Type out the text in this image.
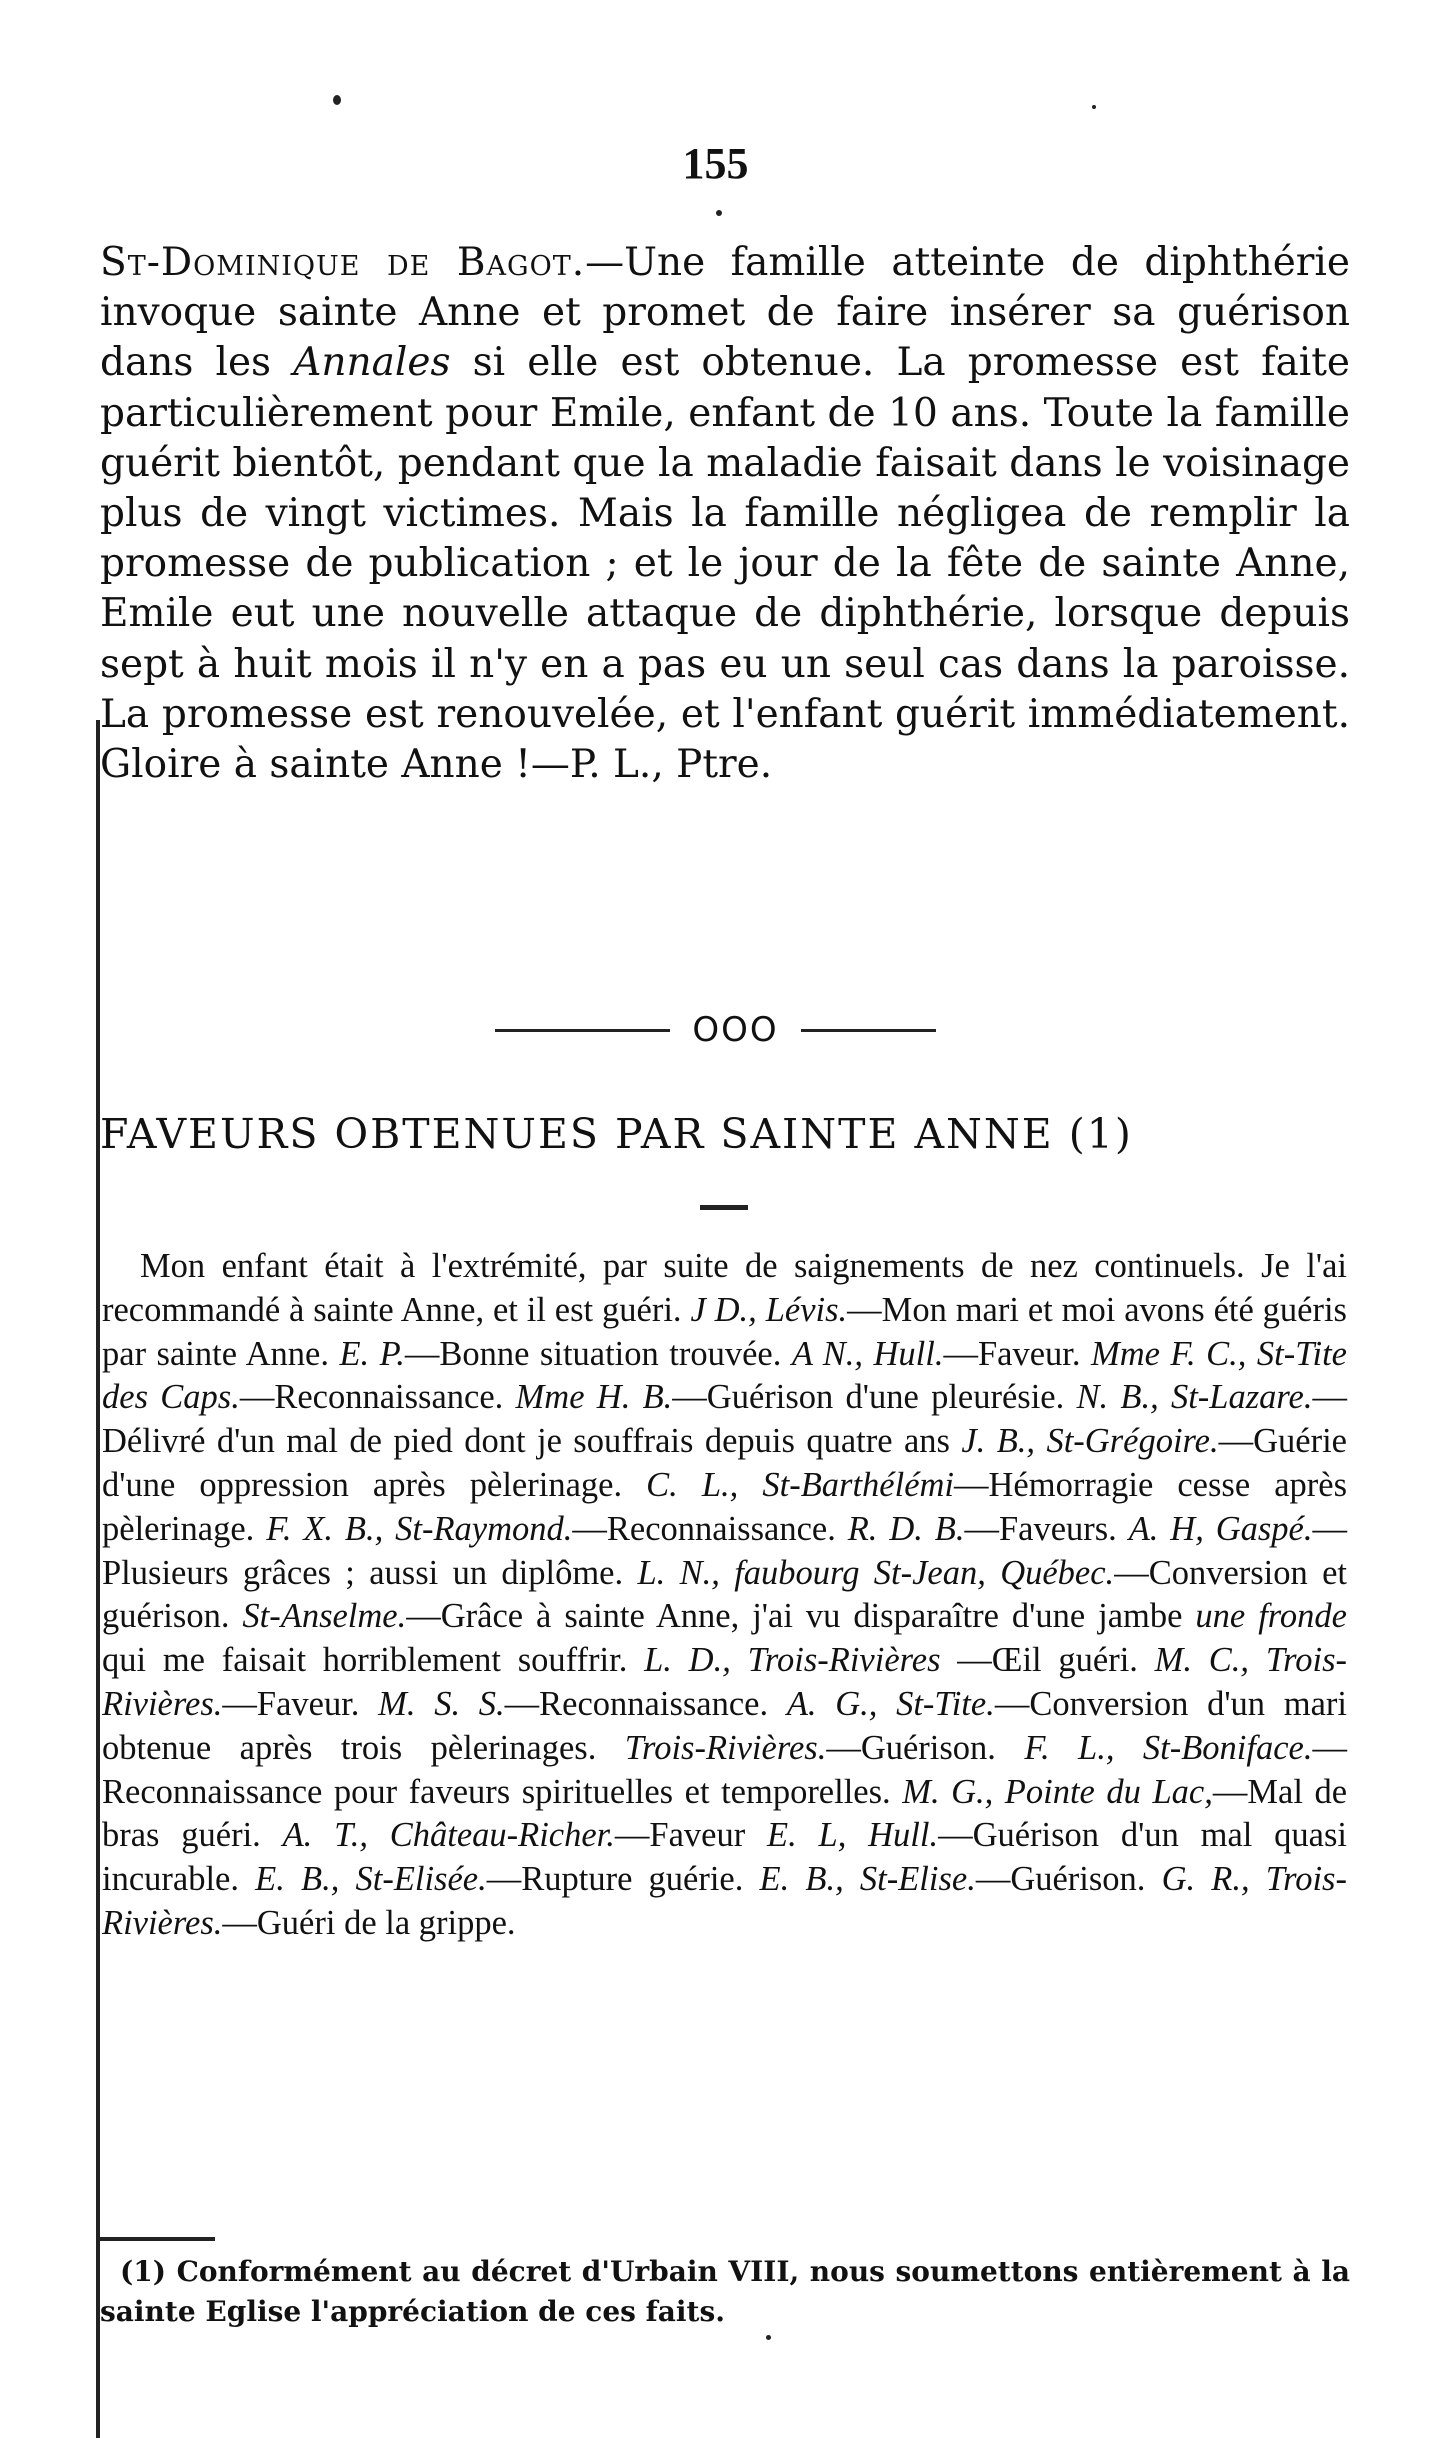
155
St-Dominique de Bagot.—Une famille atteinte de diphthérie invoque sainte Anne et promet de faire insérer sa guérison dans les Annales si elle est obtenue. La promesse est faite particulièrement pour Emile, enfant de 10 ans. Toute la famille guérit bientôt, pendant que la maladie faisait dans le voisinage plus de vingt victimes. Mais la famille négligea de remplir la promesse de publication ; et le jour de la fête de sainte Anne, Emile eut une nouvelle attaque de diphthérie, lorsque depuis sept à huit mois il n'y en a pas eu un seul cas dans la paroisse. La promesse est renouvelée, et l'enfant guérit immédiatement. Gloire à sainte Anne !—P. L., Ptre.
OOO
FAVEURS OBTENUES PAR SAINTE ANNE (1)

Mon enfant était à l'extrémité, par suite de saignements de nez continuels. Je l'ai recommandé à sainte Anne, et il est guéri. J D., Lévis.—Mon mari et moi avons été guéris par sainte Anne. E. P.—Bonne situation trouvée. A N., Hull.—Faveur. Mme F. C., St-Tite des Caps.—Reconnaissance. Mme H. B.—Guérison d'une pleurésie. N. B., St-Lazare.—Délivré d'un mal de pied dont je souffrais depuis quatre ans J. B., St-Grégoire.—Guérie d'une oppression après pèlerinage. C. L., St-Barthélémi—Hémorragie cesse après pèlerinage. F. X. B., St-Raymond.—Reconnaissance. R. D. B.—Faveurs. A. H, Gaspé.—Plusieurs grâces ; aussi un diplôme. L. N., faubourg St-Jean, Québec.—Conversion et guérison. St-Anselme.—Grâce à sainte Anne, j'ai vu disparaître d'une jambe une fronde qui me faisait horriblement souffrir. L. D., Trois-Rivières —Œil guéri. M. C., Trois-Rivières.—Faveur. M. S. S.—Reconnaissance. A. G., St-Tite.—Conversion d'un mari obtenue après trois pèlerinages. Trois-Rivières.—Guérison. F. L., St-Boniface.—Reconnaissance pour faveurs spirituelles et temporelles. M. G., Pointe du Lac,—Mal de bras guéri. A. T., Château-Richer.—Faveur E. L, Hull.—Guérison d'un mal quasi incurable. E. B., St-Elisée.—Rupture guérie. E. B., St-Elise.—Guérison. G. R., Trois-Rivières.—Guéri de la grippe.

(1) Conformément au décret d'Urbain VIII, nous soumettons entièrement à la sainte Eglise l'appréciation de ces faits.
